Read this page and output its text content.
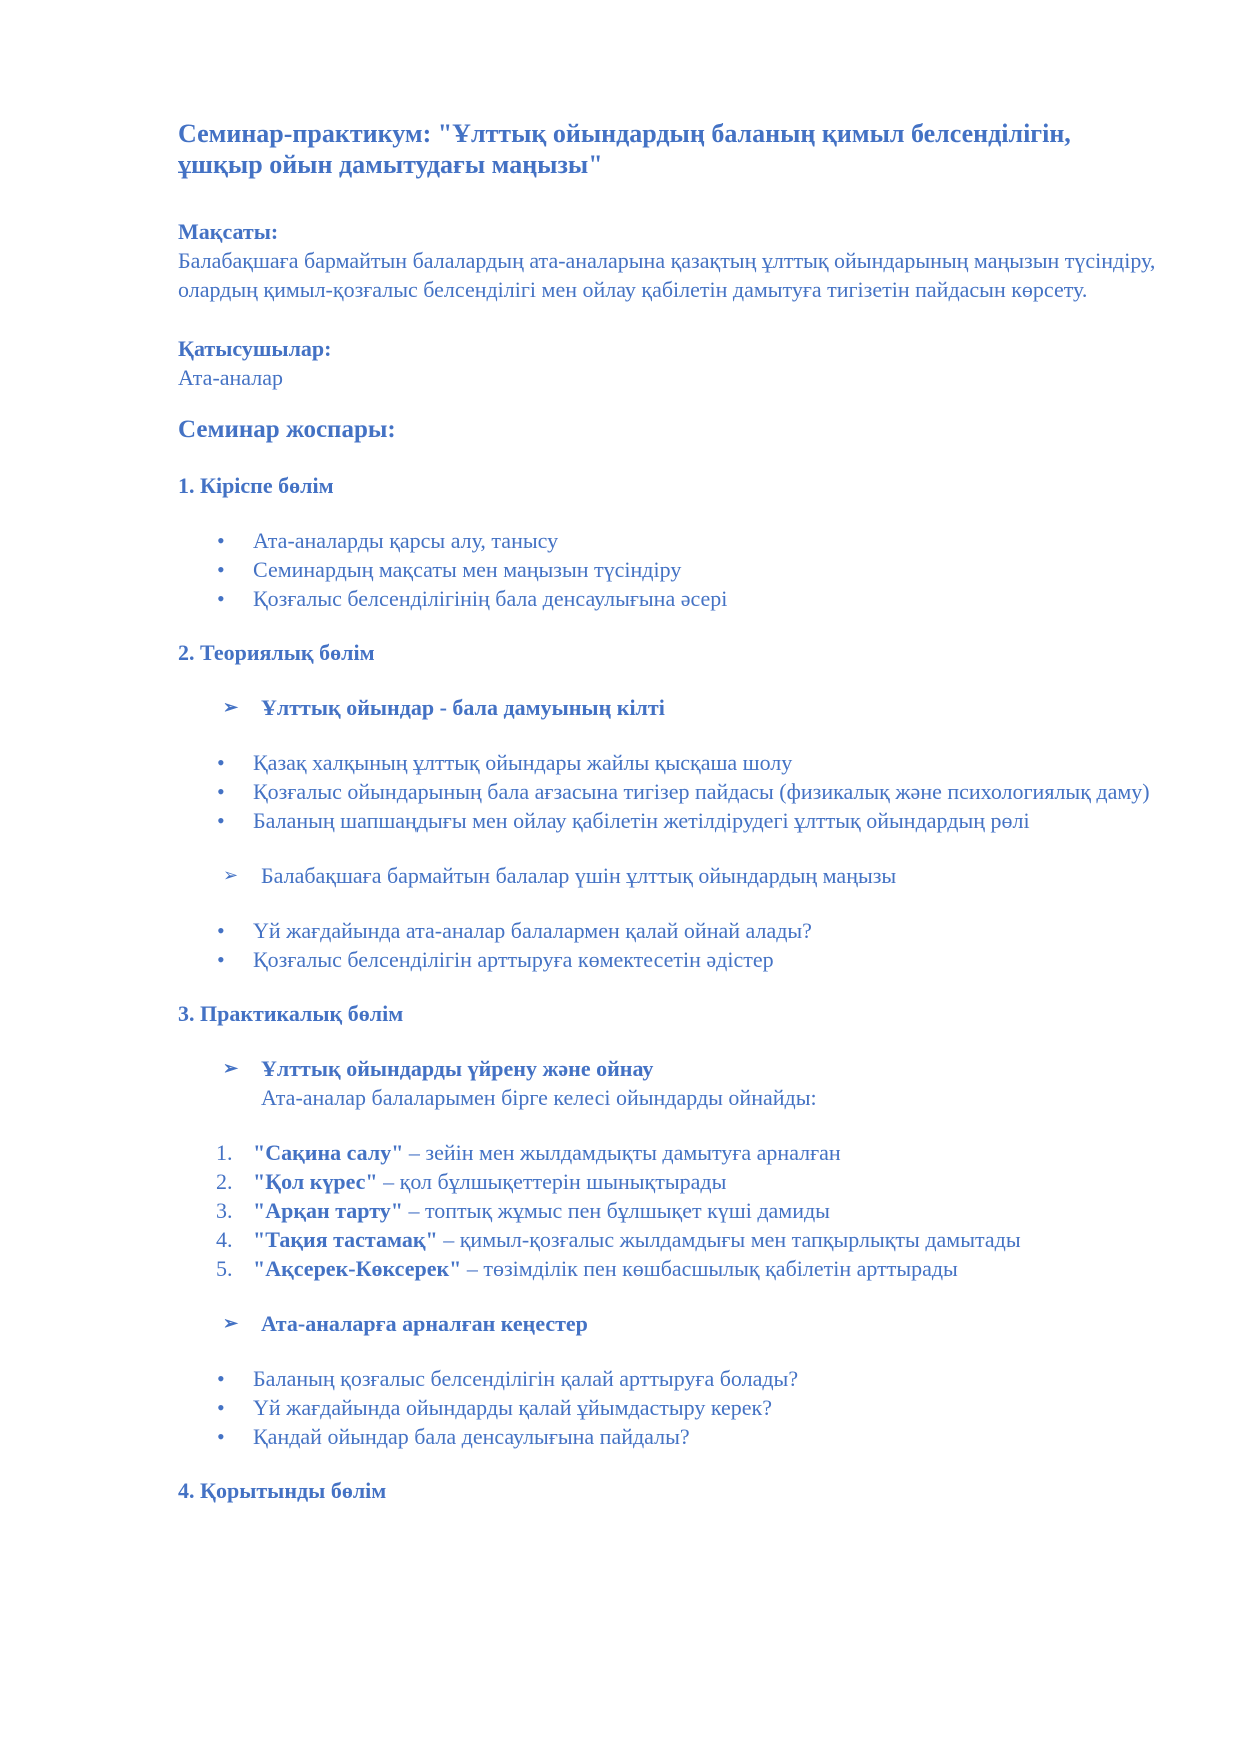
Семинар-практикум: "Ұлттық ойындардың баланың қимыл белсенділігін, ұшқыр ойын дамытудағы маңызы"

Мақсаты:

Балабақшаға бармайтын балалардың ата-аналарына қазақтың ұлттық ойындарының маңызын түсіндіру, олардың қимыл-қозғалыс белсенділігі мен ойлау қабілетін дамытуға тигізетін пайдасын көрсету.

Қатысушылар:

Ата-аналар

Семинар жоспары:
1. Кіріспе бөлім
• Ата-аналарды қарсы алу, танысу
• Семинардың мақсаты мен маңызын түсіндіру
• Қозғалыс белсенділігінің бала денсаулығына әсері
2. Теориялық бөлім
➢ Ұлттық ойындар - бала дамуының кілті
• Қазақ халқының ұлттық ойындары жайлы қысқаша шолу
• Қозғалыс ойындарының бала ағзасына тигізер пайдасы (физикалық және психологиялық даму)
• Баланың шапшаңдығы мен ойлау қабілетін жетілдірудегі ұлттық ойындардың рөлі
➢ Балабақшаға бармайтын балалар үшін ұлттық ойындардың маңызы
• Үй жағдайында ата-аналар балалармен қалай ойнай алады?
• Қозғалыс белсенділігін арттыруға көмектесетін әдістер
3. Практикалық бөлім
➢ Ұлттық ойындарды үйрену және ойнау
Ата-аналар балаларымен бірге келесі ойындарды ойнайды:
1. "Сақина салу" – зейін мен жылдамдықты дамытуға арналған
2. "Қол күрес" – қол бұлшықеттерін шынықтырады
3. "Арқан тарту" – топтық жұмыс пен бұлшықет күші дамиды
4. "Тақия тастамақ" – қимыл-қозғалыс жылдамдығы мен тапқырлықты дамытады
5. "Ақсерек-Көксерек" – төзімділік пен көшбасшылық қабілетін арттырады
➢ Ата-аналарға арналған кеңестер
• Баланың қозғалыс белсенділігін қалай арттыруға болады?
• Үй жағдайында ойындарды қалай ұйымдастыру керек?
• Қандай ойындар бала денсаулығына пайдалы?
4. Қорытынды бөлім
